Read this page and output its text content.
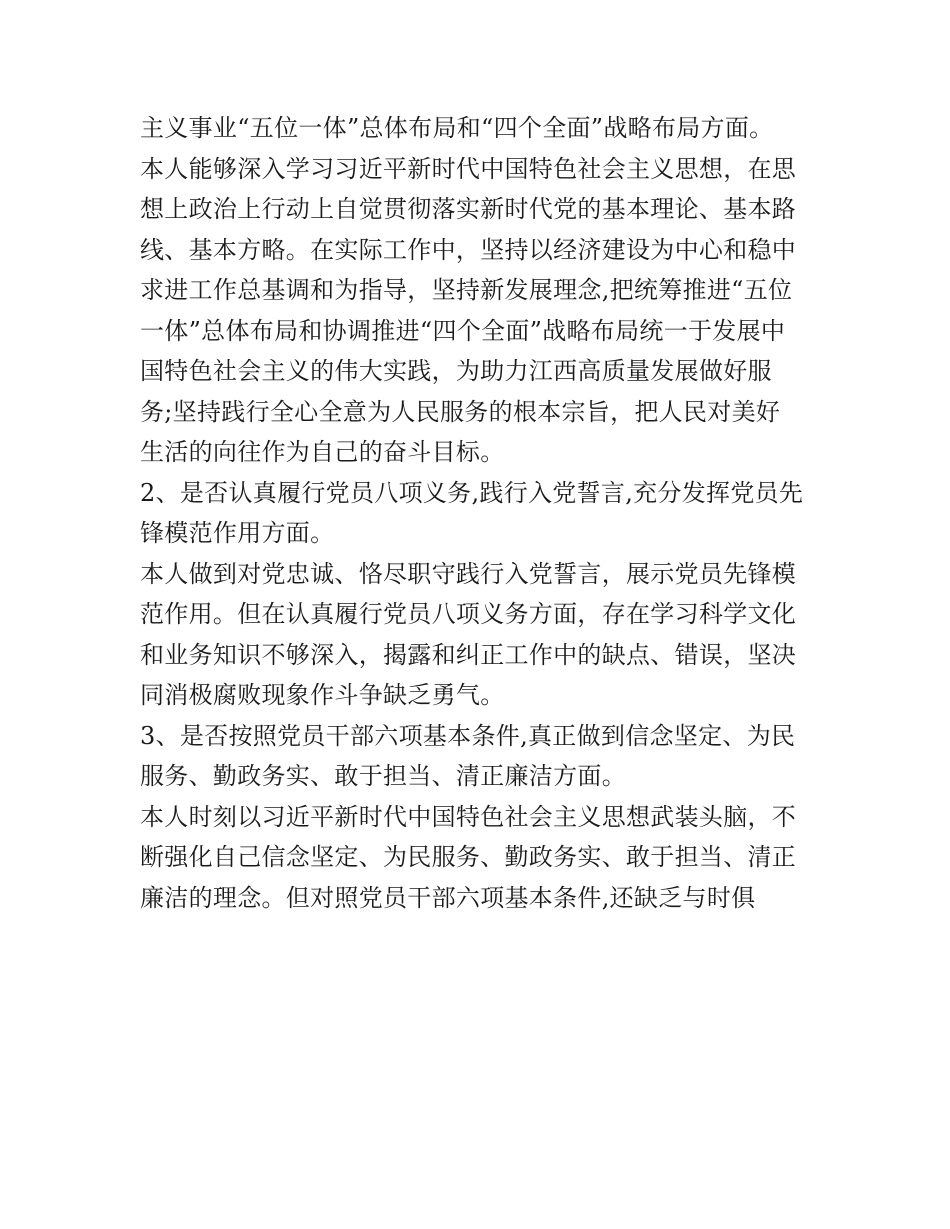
主义事业“五位一体”总体布局和“四个全面”战略布局方面。
本人能够深入学习习近平新时代中国特色社会主义思想，在思
想上政治上行动上自觉贯彻落实新时代党的基本理论、基本路
线、基本方略。在实际工作中，坚持以经济建设为中心和稳中
求进工作总基调和为指导，坚持新发展理念,把统筹推进“五位
一体”总体布局和协调推进“四个全面”战略布局统一于发展中
国特色社会主义的伟大实践，为助力江西高质量发展做好服
务;坚持践行全心全意为人民服务的根本宗旨，把人民对美好
生活的向往作为自己的奋斗目标。
2、是否认真履行党员八项义务,践行入党誓言,充分发挥党员先
锋模范作用方面。
本人做到对党忠诚、恪尽职守践行入党誓言，展示党员先锋模
范作用。但在认真履行党员八项义务方面，存在学习科学文化
和业务知识不够深入，揭露和纠正工作中的缺点、错误，坚决
同消极腐败现象作斗争缺乏勇气。
3、是否按照党员干部六项基本条件,真正做到信念坚定、为民
服务、勤政务实、敢于担当、清正廉洁方面。
本人时刻以习近平新时代中国特色社会主义思想武装头脑，不
断强化自己信念坚定、为民服务、勤政务实、敢于担当、清正
廉洁的理念。但对照党员干部六项基本条件,还缺乏与时俱
